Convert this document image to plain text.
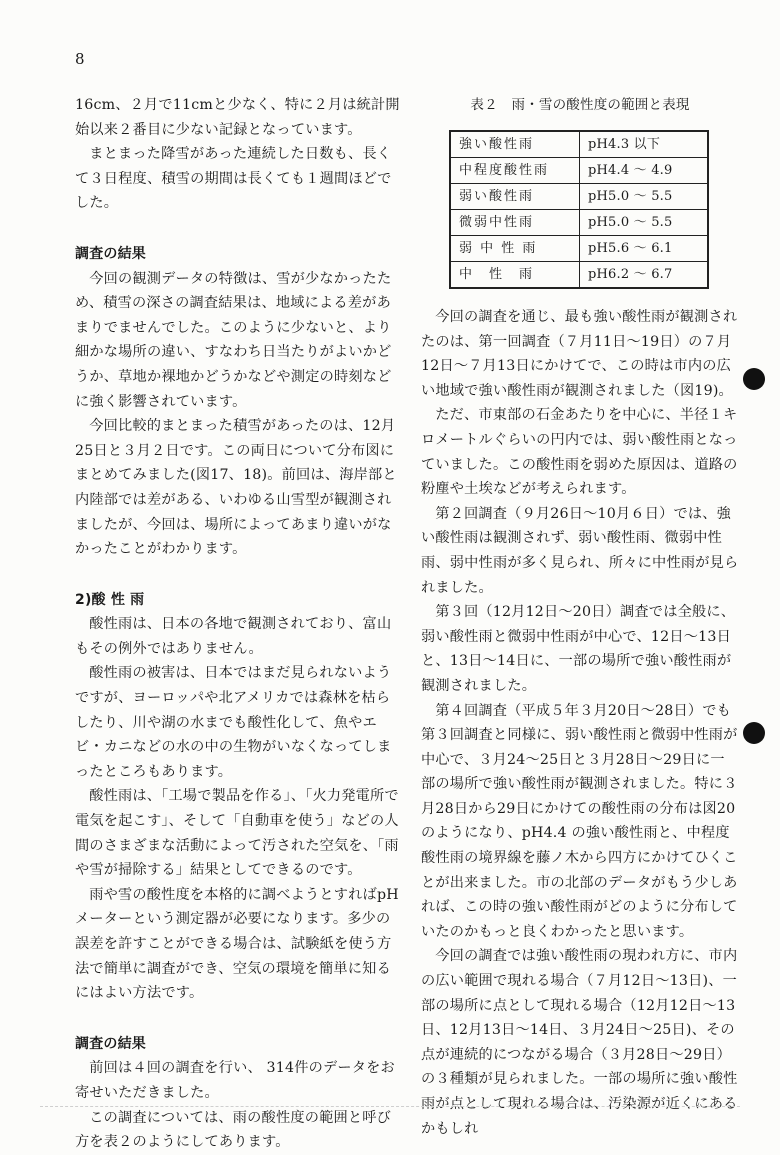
8

16cm、２月で11cmと少なく、特に２月は統計開始以来２番目に少ない記録となっています。

まとまった降雪があった連続した日数も、長くて３日程度、積雪の期間は長くても１週間ほどでした。

調査の結果

今回の観測データの特徴は、雪が少なかったため、積雪の深さの調査結果は、地域による差があまりでませんでした。このように少ないと、より細かな場所の違い、すなわち日当たりがよいかどうか、草地か裸地かどうかなどや測定の時刻などに強く影響されています。

今回比較的まとまった積雪があったのは、12月25日と３月２日です。この両日について分布図にまとめてみました(図17、18)。前回は、海岸部と内陸部では差がある、いわゆる山雪型が観測されましたが、今回は、場所によってあまり違いがなかったことがわかります。

2)酸 性 雨

酸性雨は、日本の各地で観測されており、富山もその例外ではありません。

酸性雨の被害は、日本ではまだ見られないようですが、ヨーロッパや北アメリカでは森林を枯らしたり、川や湖の水までも酸性化して、魚やエビ・カニなどの水の中の生物がいなくなってしまったところもあります。

酸性雨は、「工場で製品を作る」、「火力発電所で電気を起こす」、そして「自動車を使う」などの人間のさまざまな活動によって汚された空気を、「雨や雪が掃除する」結果としてできるのです。

雨や雪の酸性度を本格的に調べようとすればpHメーターという測定器が必要になります。多少の誤差を許すことができる場合は、試験紙を使う方法で簡単に調査ができ、空気の環境を簡単に知るにはよい方法です。

調査の結果

前回は４回の調査を行い、 314件のデータをお寄せいただきました。

この調査については、雨の酸性度の範囲と呼び方を表２のようにしてあります。

表２　雨・雪の酸性度の範囲と表現
強い酸性雨	pH4.3 以下
中程度酸性雨	pH4.4 ～ 4.9
弱い酸性雨	pH5.0 ～ 5.5
微弱中性雨	pH5.0 ～ 5.5
弱 中 性 雨	pH5.6 ～ 6.1
中　性　雨	pH6.2 ～ 6.7

今回の調査を通じ、最も強い酸性雨が観測されたのは、第一回調査（７月11日～19日）の７月12日～７月13日にかけてで、この時は市内の広い地域で強い酸性雨が観測されました（図19)。

ただ、市東部の石金あたりを中心に、半径１キロメートルぐらいの円内では、弱い酸性雨となっていました。この酸性雨を弱めた原因は、道路の粉塵や土埃などが考えられます。

第２回調査（９月26日～10月６日）では、強い酸性雨は観測されず、弱い酸性雨、微弱中性雨、弱中性雨が多く見られ、所々に中性雨が見られました。

第３回（12月12日～20日）調査では全般に、弱い酸性雨と微弱中性雨が中心で、12日～13日と、13日～14日に、一部の場所で強い酸性雨が観測されました。

第４回調査（平成５年３月20日～28日）でも第３回調査と同様に、弱い酸性雨と微弱中性雨が中心で、３月24～25日と３月28日～29日に一部の場所で強い酸性雨が観測されました。特に３月28日から29日にかけての酸性雨の分布は図20のようになり、pH4.4 の強い酸性雨と、中程度酸性雨の境界線を藤ノ木から四方にかけてひくことが出来ました。市の北部のデータがもう少しあれば、この時の強い酸性雨がどのように分布していたのかもっと良くわかったと思います。

今回の調査では強い酸性雨の現われ方に、市内の広い範囲で現れる場合（７月12日～13日)、一部の場所に点として現れる場合（12月12日～13日、12月13日～14日、３月24日～25日)、その点が連続的につながる場合（３月28日～29日）の３種類が見られました。一部の場所に強い酸性雨が点として現れる場合は、汚染源が近くにあるかもしれ
